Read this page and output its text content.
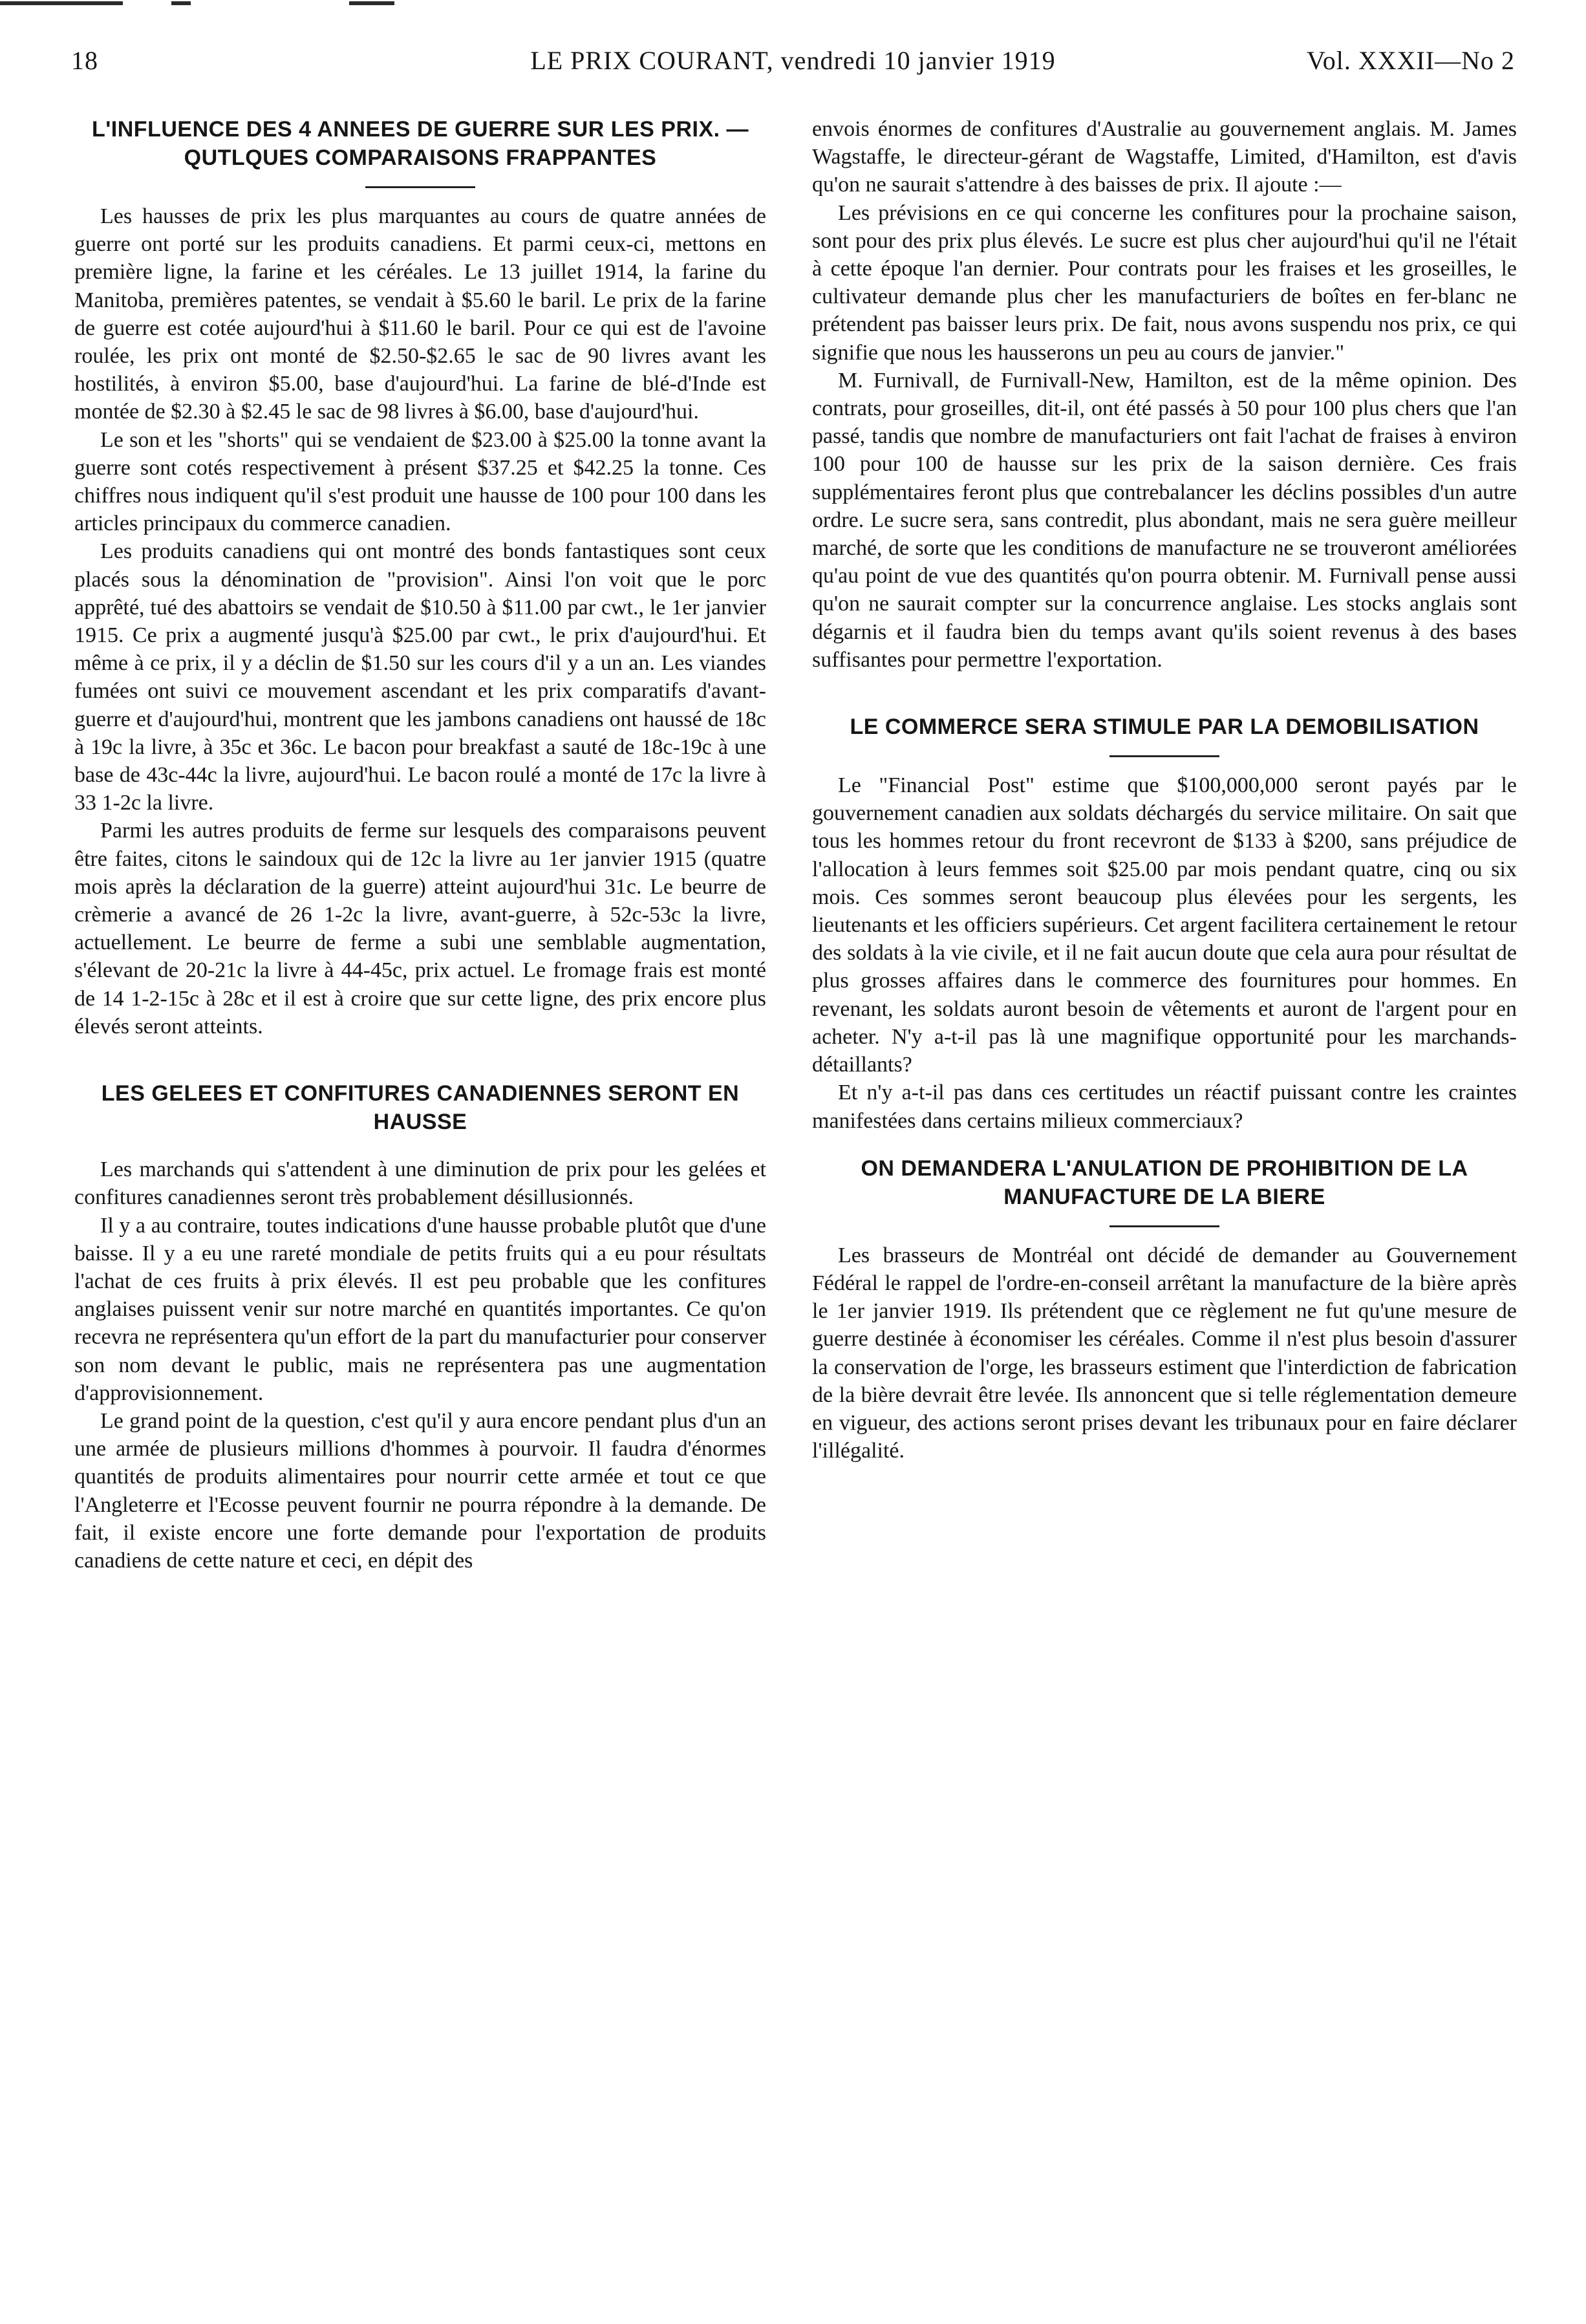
18	LE PRIX COURANT, vendredi 10 janvier 1919	Vol. XXXII—No 2
L'INFLUENCE DES 4 ANNEES DE GUERRE SUR LES PRIX. — QUTLQUES COMPARAISONS FRAPPANTES

Les hausses de prix les plus marquantes au cours de quatre années de guerre ont porté sur les produits canadiens. Et parmi ceux-ci, mettons en première ligne, la farine et les céréales. Le 13 juillet 1914, la farine du Manitoba, premières patentes, se vendait à $5.60 le baril. Le prix de la farine de guerre est cotée aujourd'hui à $11.60 le baril. Pour ce qui est de l'avoine roulée, les prix ont monté de $2.50-$2.65 le sac de 90 livres avant les hostilités, à environ $5.00, base d'aujourd'hui. La farine de blé-d'Inde est montée de $2.30 à $2.45 le sac de 98 livres à $6.00, base d'aujourd'hui.

Le son et les "shorts" qui se vendaient de $23.00 à $25.00 la tonne avant la guerre sont cotés respectivement à présent $37.25 et $42.25 la tonne. Ces chiffres nous indiquent qu'il s'est produit une hausse de 100 pour 100 dans les articles principaux du commerce canadien.

Les produits canadiens qui ont montré des bonds fantastiques sont ceux placés sous la dénomination de "provision". Ainsi l'on voit que le porc apprêté, tué des abattoirs se vendait de $10.50 à $11.00 par cwt., le 1er janvier 1915. Ce prix a augmenté jusqu'à $25.00 par cwt., le prix d'aujourd'hui. Et même à ce prix, il y a déclin de $1.50 sur les cours d'il y a un an. Les viandes fumées ont suivi ce mouvement ascendant et les prix comparatifs d'avant-guerre et d'aujourd'hui, montrent que les jambons canadiens ont haussé de 18c à 19c la livre, à 35c et 36c. Le bacon pour breakfast a sauté de 18c-19c à une base de 43c-44c la livre, aujourd'hui. Le bacon roulé a monté de 17c la livre à 33 1-2c la livre.

Parmi les autres produits de ferme sur lesquels des comparaisons peuvent être faites, citons le saindoux qui de 12c la livre au 1er janvier 1915 (quatre mois après la déclaration de la guerre) atteint aujourd'hui 31c. Le beurre de crèmerie a avancé de 26 1-2c la livre, avant-guerre, à 52c-53c la livre, actuellement. Le beurre de ferme a subi une semblable augmentation, s'élevant de 20-21c la livre à 44-45c, prix actuel. Le fromage frais est monté de 14 1-2-15c à 28c et il est à croire que sur cette ligne, des prix encore plus élevés seront atteints.

LES GELEES ET CONFITURES CANADIENNES SERONT EN HAUSSE

Les marchands qui s'attendent à une diminution de prix pour les gelées et confitures canadiennes seront très probablement désillusionnés.

Il y a au contraire, toutes indications d'une hausse probable plutôt que d'une baisse. Il y a eu une rareté mondiale de petits fruits qui a eu pour résultats l'achat de ces fruits à prix élevés. Il est peu probable que les confitures anglaises puissent venir sur notre marché en quantités importantes. Ce qu'on recevra ne représentera qu'un effort de la part du manufacturier pour conserver son nom devant le public, mais ne représentera pas une augmentation d'approvisionnement.

Le grand point de la question, c'est qu'il y aura encore pendant plus d'un an une armée de plusieurs millions d'hommes à pourvoir. Il faudra d'énormes quantités de produits alimentaires pour nourrir cette armée et tout ce que l'Angleterre et l'Ecosse peuvent fournir ne pourra répondre à la demande. De fait, il existe encore une forte demande pour l'exportation de produits canadiens de cette nature et ceci, en dépit des

envois énormes de confitures d'Australie au gouvernement anglais. M. James Wagstaffe, le directeur-gérant de Wagstaffe, Limited, d'Hamilton, est d'avis qu'on ne saurait s'attendre à des baisses de prix. Il ajoute :—

Les prévisions en ce qui concerne les confitures pour la prochaine saison, sont pour des prix plus élevés. Le sucre est plus cher aujourd'hui qu'il ne l'était à cette époque l'an dernier. Pour contrats pour les fraises et les groseilles, le cultivateur demande plus cher les manufacturiers de boîtes en fer-blanc ne prétendent pas baisser leurs prix. De fait, nous avons suspendu nos prix, ce qui signifie que nous les hausserons un peu au cours de janvier."

M. Furnivall, de Furnivall-New, Hamilton, est de la même opinion. Des contrats, pour groseilles, dit-il, ont été passés à 50 pour 100 plus chers que l'an passé, tandis que nombre de manufacturiers ont fait l'achat de fraises à environ 100 pour 100 de hausse sur les prix de la saison dernière. Ces frais supplémentaires feront plus que contrebalancer les déclins possibles d'un autre ordre. Le sucre sera, sans contredit, plus abondant, mais ne sera guère meilleur marché, de sorte que les conditions de manufacture ne se trouveront améliorées qu'au point de vue des quantités qu'on pourra obtenir. M. Furnivall pense aussi qu'on ne saurait compter sur la concurrence anglaise. Les stocks anglais sont dégarnis et il faudra bien du temps avant qu'ils soient revenus à des bases suffisantes pour permettre l'exportation.

LE COMMERCE SERA STIMULE PAR LA DEMOBILISATION

Le "Financial Post" estime que $100,000,000 seront payés par le gouvernement canadien aux soldats déchargés du service militaire. On sait que tous les hommes retour du front recevront de $133 à $200, sans préjudice de l'allocation à leurs femmes soit $25.00 par mois pendant quatre, cinq ou six mois. Ces sommes seront beaucoup plus élevées pour les sergents, les lieutenants et les officiers supérieurs. Cet argent facilitera certainement le retour des soldats à la vie civile, et il ne fait aucun doute que cela aura pour résultat de plus grosses affaires dans le commerce des fournitures pour hommes. En revenant, les soldats auront besoin de vêtements et auront de l'argent pour en acheter. N'y a-t-il pas là une magnifique opportunité pour les marchands-détaillants?

Et n'y a-t-il pas dans ces certitudes un réactif puissant contre les craintes manifestées dans certains milieux commerciaux?

ON DEMANDERA L'ANULATION DE PROHIBITION DE LA MANUFACTURE DE LA BIERE

Les brasseurs de Montréal ont décidé de demander au Gouvernement Fédéral le rappel de l'ordre-en-conseil arrêtant la manufacture de la bière après le 1er janvier 1919. Ils prétendent que ce règlement ne fut qu'une mesure de guerre destinée à économiser les céréales. Comme il n'est plus besoin d'assurer la conservation de l'orge, les brasseurs estiment que l'interdiction de fabrication de la bière devrait être levée. Ils annoncent que si telle réglementation demeure en vigueur, des actions seront prises devant les tribunaux pour en faire déclarer l'illégalité.
